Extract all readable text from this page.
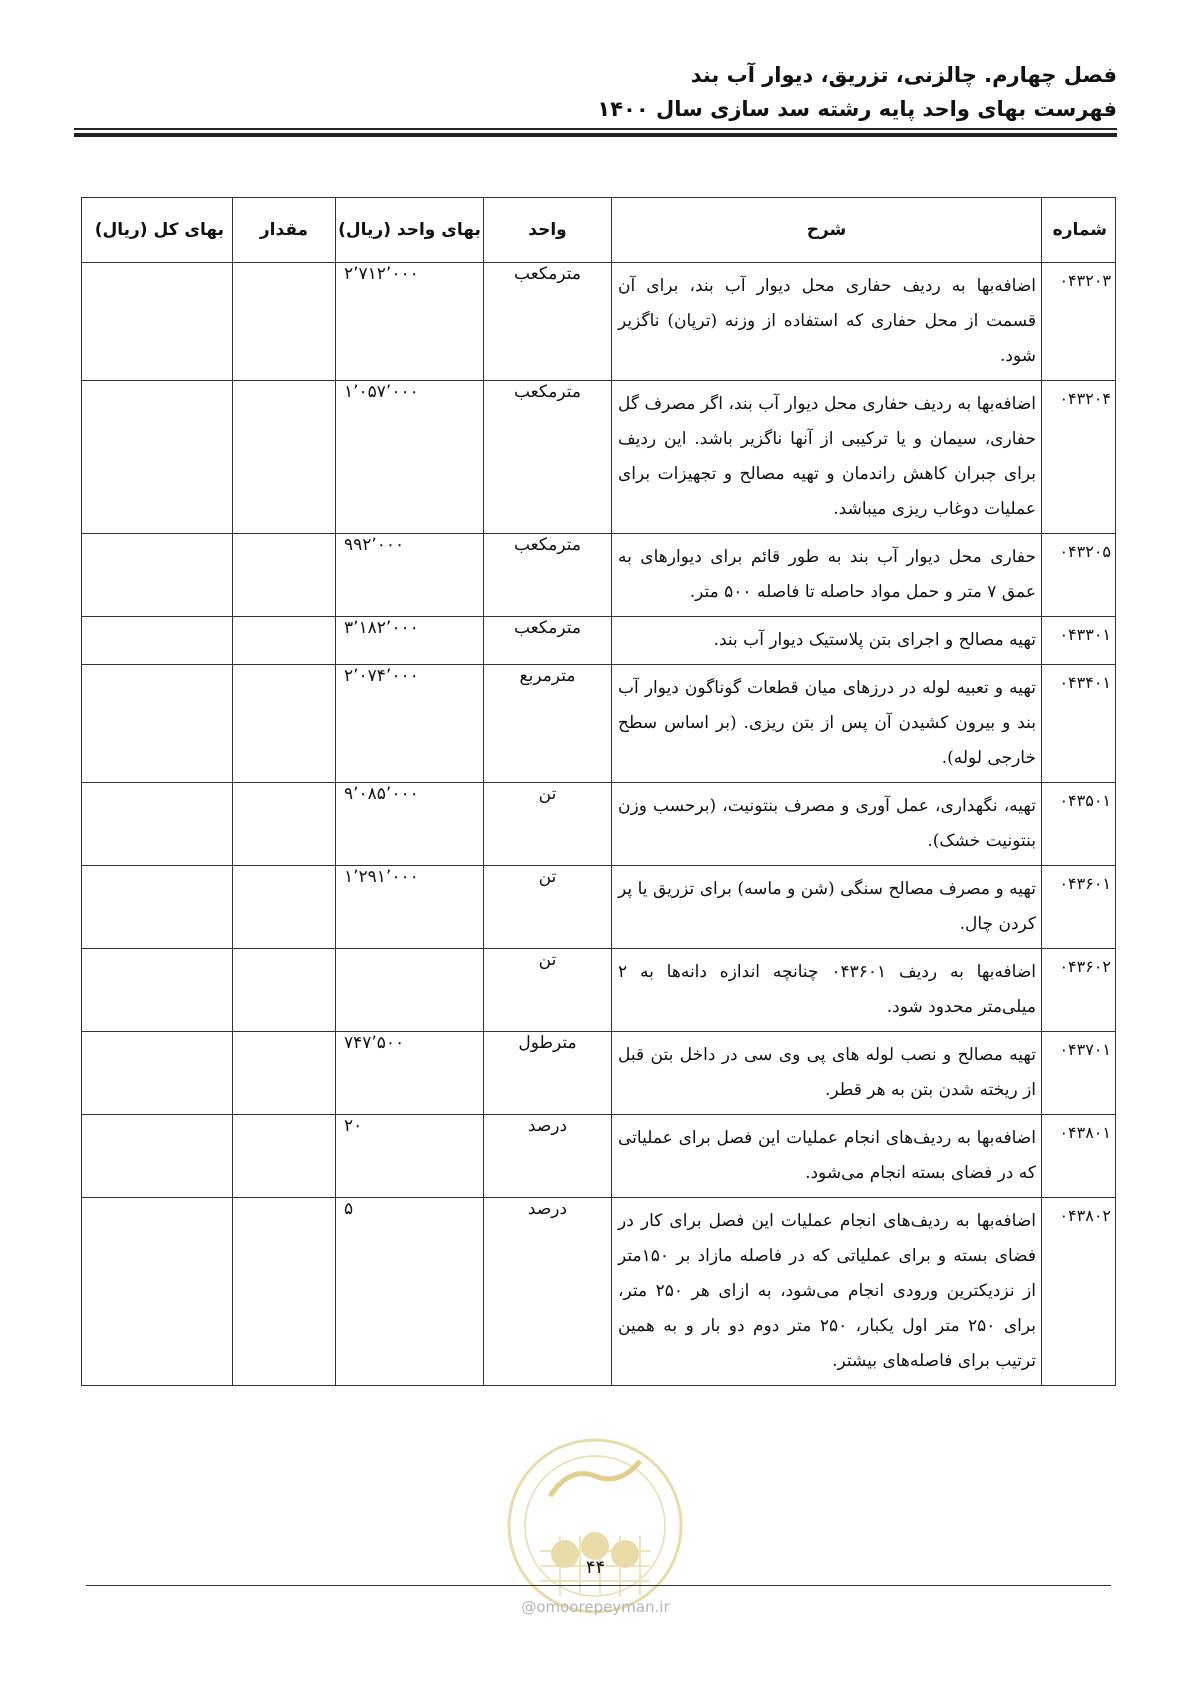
فصل چهارم. چالزنی، تزریق، دیوار آب بند
فهرست بهای واحد پایه رشته سد سازی سال ۱۴۰۰
شماره	شرح	واحد	بهای واحد (ریال)	مقدار	بهای کل (ریال)
۰۴۳۲۰۳	اضافه‌بها به ردیف حفاری محل دیوار آب بند، برای آن قسمت از محل حفاری که استفاده از وزنه (ترپان) ناگزیر شود.	مترمکعب	۲٬۷۱۲٬۰۰۰		
۰۴۳۲۰۴	اضافه‌بها به ردیف حفاری محل دیوار آب بند، اگر مصرف گل حفاری، سیمان و یا ترکیبی از آنها ناگزیر باشد. این ردیف برای جبران کاهش راندمان و تهیه مصالح و تجهیزات برای عملیات دوغاب ریزی میباشد.	مترمکعب	۱٬۰۵۷٬۰۰۰		
۰۴۳۲۰۵	حفاری محل دیوار آب بند به طور قائم برای دیوارهای به عمق ۷ متر و حمل مواد حاصله تا فاصله ۵۰۰ متر.	مترمکعب	۹۹۲٬۰۰۰		
۰۴۳۳۰۱	تهیه مصالح و اجرای بتن پلاستیک دیوار آب بند.	مترمکعب	۳٬۱۸۲٬۰۰۰		
۰۴۳۴۰۱	تهیه و تعبیه لوله در درزهای میان قطعات گوناگون دیوار آب بند و بیرون کشیدن آن پس از بتن ریزی. (بر اساس سطح خارجی لوله).	مترمربع	۲٬۰۷۴٬۰۰۰		
۰۴۳۵۰۱	تهیه، نگهداری، عمل آوری و مصرف بنتونیت، (برحسب وزن بنتونیت خشک).	تن	۹٬۰۸۵٬۰۰۰		
۰۴۳۶۰۱	تهیه و مصرف مصالح سنگی (شن و ماسه) برای تزریق یا پر کردن چال.	تن	۱٬۲۹۱٬۰۰۰		
۰۴۳۶۰۲	اضافه‌بها به ردیف ۰۴۳۶۰۱ چنانچه اندازه دانه‌ها به ۲ میلی‌متر محدود شود.	تن			
۰۴۳۷۰۱	تهیه مصالح و نصب لوله های پی وی سی در داخل بتن قبل از ریخته شدن بتن به هر قطر.	مترطول	۷۴۷٬۵۰۰		
۰۴۳۸۰۱	اضافه‌بها به ردیف‌های انجام عملیات این فصل برای عملیاتی که در فضای بسته انجام می‌شود.	درصد	۲۰		
۰۴۳۸۰۲	اضافه‌بها به ردیف‌های انجام عملیات این فصل برای کار در فضای بسته و برای عملیاتی که در فاصله مازاد بر ۱۵۰متر از نزدیکترین ورودی انجام می‌شود، به ازای هر ۲۵۰ متر، برای ۲۵۰ متر اول یکبار، ۲۵۰ متر دوم دو بار و به همین ترتیب برای فاصله‌های بیشتر.	درصد	۵		
۴۴
@omoorepeyman.ir
